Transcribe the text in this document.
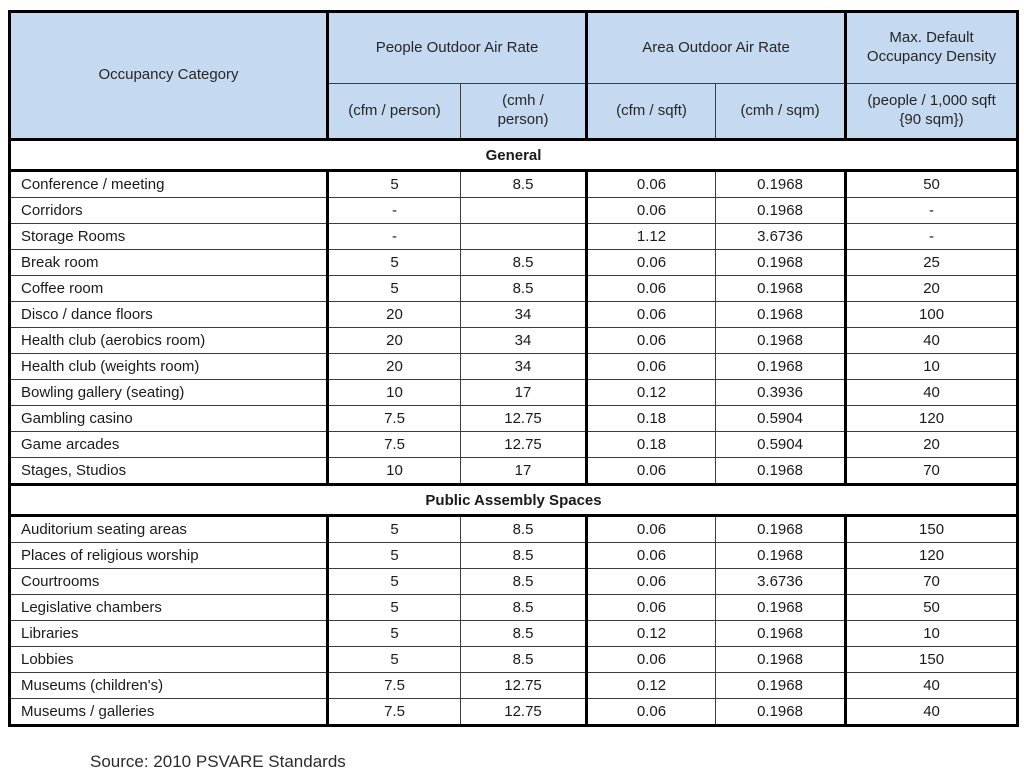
Occupancy Category	People Outdoor Air Rate		Area Outdoor Air Rate		Max. Default Occupancy Density
	(cfm / person)	(cmh / person)	(cfm / sqft)	(cmh / sqm)	(people / 1,000 sqft {90 sqm})
General					
Conference / meeting	5	8.5	0.06	0.1968	50
Corridors	-		0.06	0.1968	-
Storage Rooms	-		1.12	3.6736	-
Break room	5	8.5	0.06	0.1968	25
Coffee room	5	8.5	0.06	0.1968	20
Disco / dance floors	20	34	0.06	0.1968	100
Health club (aerobics room)	20	34	0.06	0.1968	40
Health club (weights room)	20	34	0.06	0.1968	10
Bowling gallery (seating)	10	17	0.12	0.3936	40
Gambling casino	7.5	12.75	0.18	0.5904	120
Game arcades	7.5	12.75	0.18	0.5904	20
Stages, Studios	10	17	0.06	0.1968	70
Public Assembly Spaces					
Auditorium seating areas	5	8.5	0.06	0.1968	150
Places of religious worship	5	8.5	0.06	0.1968	120
Courtrooms	5	8.5	0.06	3.6736	70
Legislative chambers	5	8.5	0.06	0.1968	50
Libraries	5	8.5	0.12	0.1968	10
Lobbies	5	8.5	0.06	0.1968	150
Museums (children's)	7.5	12.75	0.12	0.1968	40
Museums / galleries	7.5	12.75	0.06	0.1968	40
Source: 2010 PSVARE Standards
